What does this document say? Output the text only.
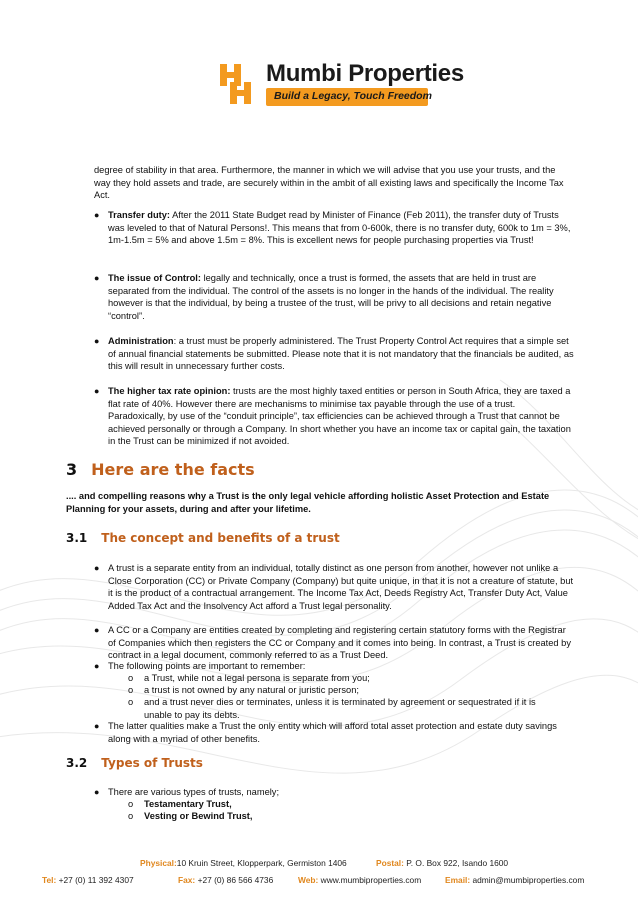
Mumbi Properties
Build a Legacy, Touch Freedom
degree of stability in that area. Furthermore, the manner in which we will advise that you use your trusts, and the way they hold assets and trade, are securely within in the ambit of all existing laws and specifically the Income Tax Act.
● Transfer duty: After the 2011 State Budget read by Minister of Finance (Feb 2011), the transfer duty of Trusts was leveled to that of Natural Persons!. This means that from 0-600k, there is no transfer duty, 600k to 1m = 3%, 1m-1.5m = 5% and above 1.5m = 8%. This is excellent news for people purchasing properties via Trust!
● The issue of Control: legally and technically, once a trust is formed, the assets that are held in trust are separated from the individual. The control of the assets is no longer in the hands of the individual. The reality however is that the individual, by being a trustee of the trust, will be privy to all decisions and retain negative “control”.
● Administration: a trust must be properly administered. The Trust Property Control Act requires that a simple set of annual financial statements be submitted. Please note that it is not mandatory that the financials be audited, as this will result in unnecessary further costs.
● The higher tax rate opinion: trusts are the most highly taxed entities or person in South Africa, they are taxed a flat rate of 40%. However there are mechanisms to minimise tax payable through the use of a trust. Paradoxically, by use of the “conduit principle”, tax efficiencies can be achieved through a Trust that cannot be achieved personally or through a Company. In short whether you have an income tax or capital gain, the taxation in the Trust can be minimized if not avoided.
3 Here are the facts
.... and compelling reasons why a Trust is the only legal vehicle affording holistic Asset Protection and Estate Planning for your assets, during and after your lifetime.
3.1 The concept and benefits of a trust
● A trust is a separate entity from an individual, totally distinct as one person from another, however not unlike a Close Corporation (CC) or Private Company (Company) but quite unique, in that it is not a creature of statute, but it is the product of a contractual arrangement. The Income Tax Act, Deeds Registry Act, Transfer Duty Act, Value Added Tax Act and the Insolvency Act afford a Trust legal personality.
● A CC or a Company are entities created by completing and registering certain statutory forms with the Registrar of Companies which then registers the CC or Company and it comes into being. In contrast, a Trust is created by contract in a legal document, commonly referred to as a Trust Deed.
● The following points are important to remember:
o a Trust, while not a legal persona is separate from you;
o a trust is not owned by any natural or juristic person;
o and a trust never dies or terminates, unless it is terminated by agreement or sequestrated if it is unable to pay its debts.
● The latter qualities make a Trust the only entity which will afford total asset protection and estate duty savings along with a myriad of other benefits.
3.2 Types of Trusts
● There are various types of trusts, namely;
o Testamentary Trust,
o Vesting or Bewind Trust,
Physical:10 Kruin Street, Klopperpark, Germiston 1406	Postal: P. O. Box 922, Isando 1600
Tel: +27 (0) 11 392 4307	Fax: +27 (0) 86 566 4736	Web: www.mumbiproperties.com	Email: admin@mumbiproperties.com
